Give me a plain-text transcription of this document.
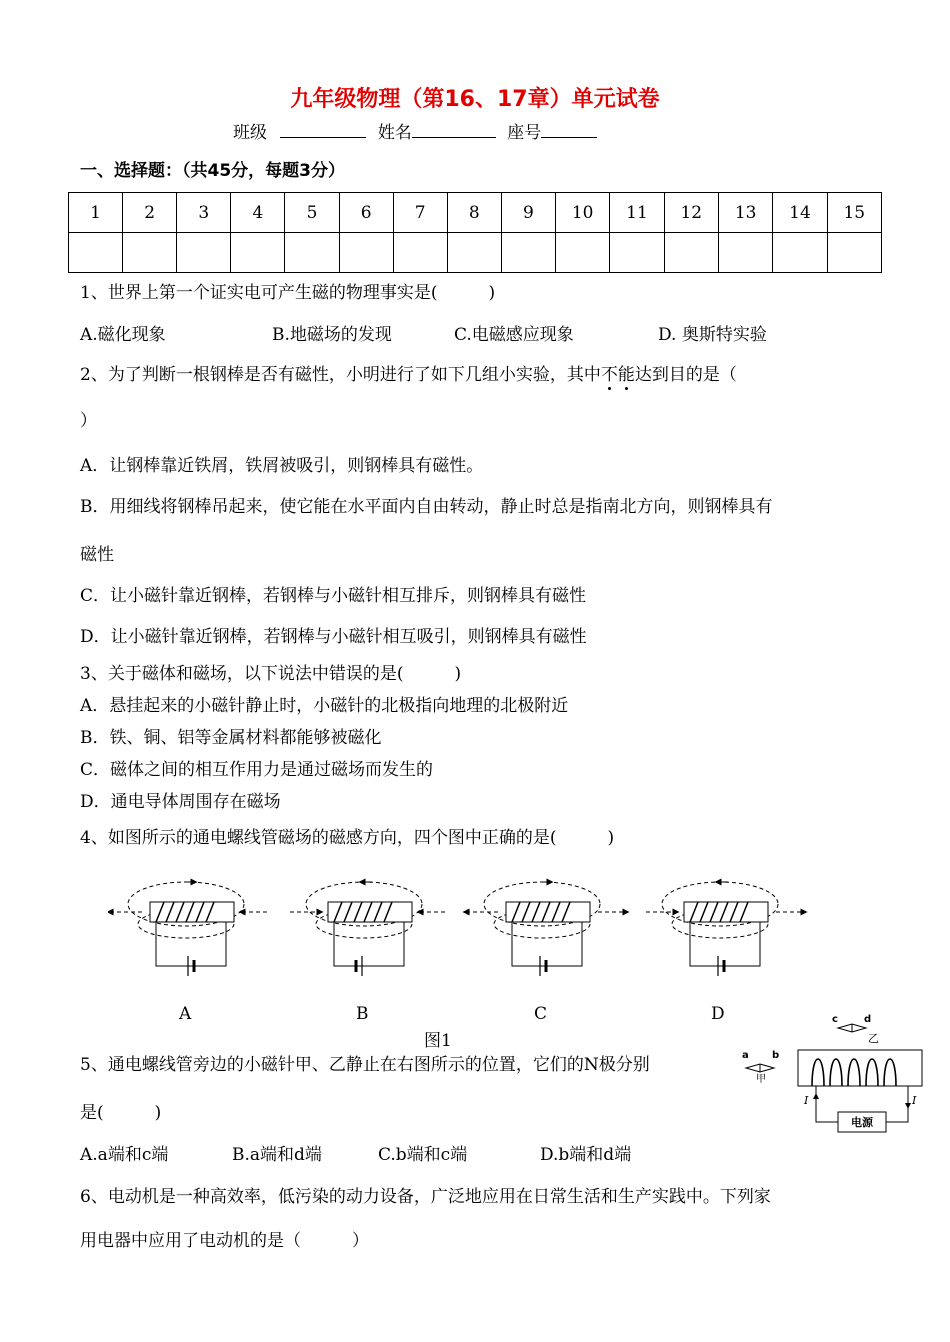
九年级物理（第16、17章）单元试卷
班级	姓名	座号
一、选择题：（共45分，每题3分）
1	2	3	4	5	6	7	8	9	10	11	12	13	14	15

1、世界上第一个证实电可产生磁的物理事实是(　　　)
A.磁化现象	B.地磁场的发现	C.电磁感应现象	D. 奥斯特实验
2、为了判断一根钢棒是否有磁性，小明进行了如下几组小实验，其中不能达到目的是（
）
A．让钢棒靠近铁屑，铁屑被吸引，则钢棒具有磁性。
B．用细线将钢棒吊起来，使它能在水平面内自由转动，静止时总是指南北方向，则钢棒具有
磁性
C．让小磁针靠近钢棒，若钢棒与小磁针相互排斥，则钢棒具有磁性
D．让小磁针靠近钢棒，若钢棒与小磁针相互吸引，则钢棒具有磁性
3、关于磁体和磁场，以下说法中错误的是(　　　)
A．悬挂起来的小磁针静止时，小磁针的北极指向地理的北极附近
B．铁、铜、铝等金属材料都能够被磁化
C．磁体之间的相互作用力是通过磁场而发生的
D．通电导体周围存在磁场
4、如图所示的通电螺线管磁场的磁感方向，四个图中正确的是(　　　)
A	B	C	D
图1
5、通电螺线管旁边的小磁针甲、乙静止在右图所示的位置，它们的N极分别
是(　　　)
A.a端和c端	B.a端和d端	C.b端和c端	D.b端和d端
c	d
乙
a b
甲
I	I
电源
6、电动机是一种高效率，低污染的动力设备，广泛地应用在日常生活和生产实践中。下列家
用电器中应用了电动机的是（　　　）
